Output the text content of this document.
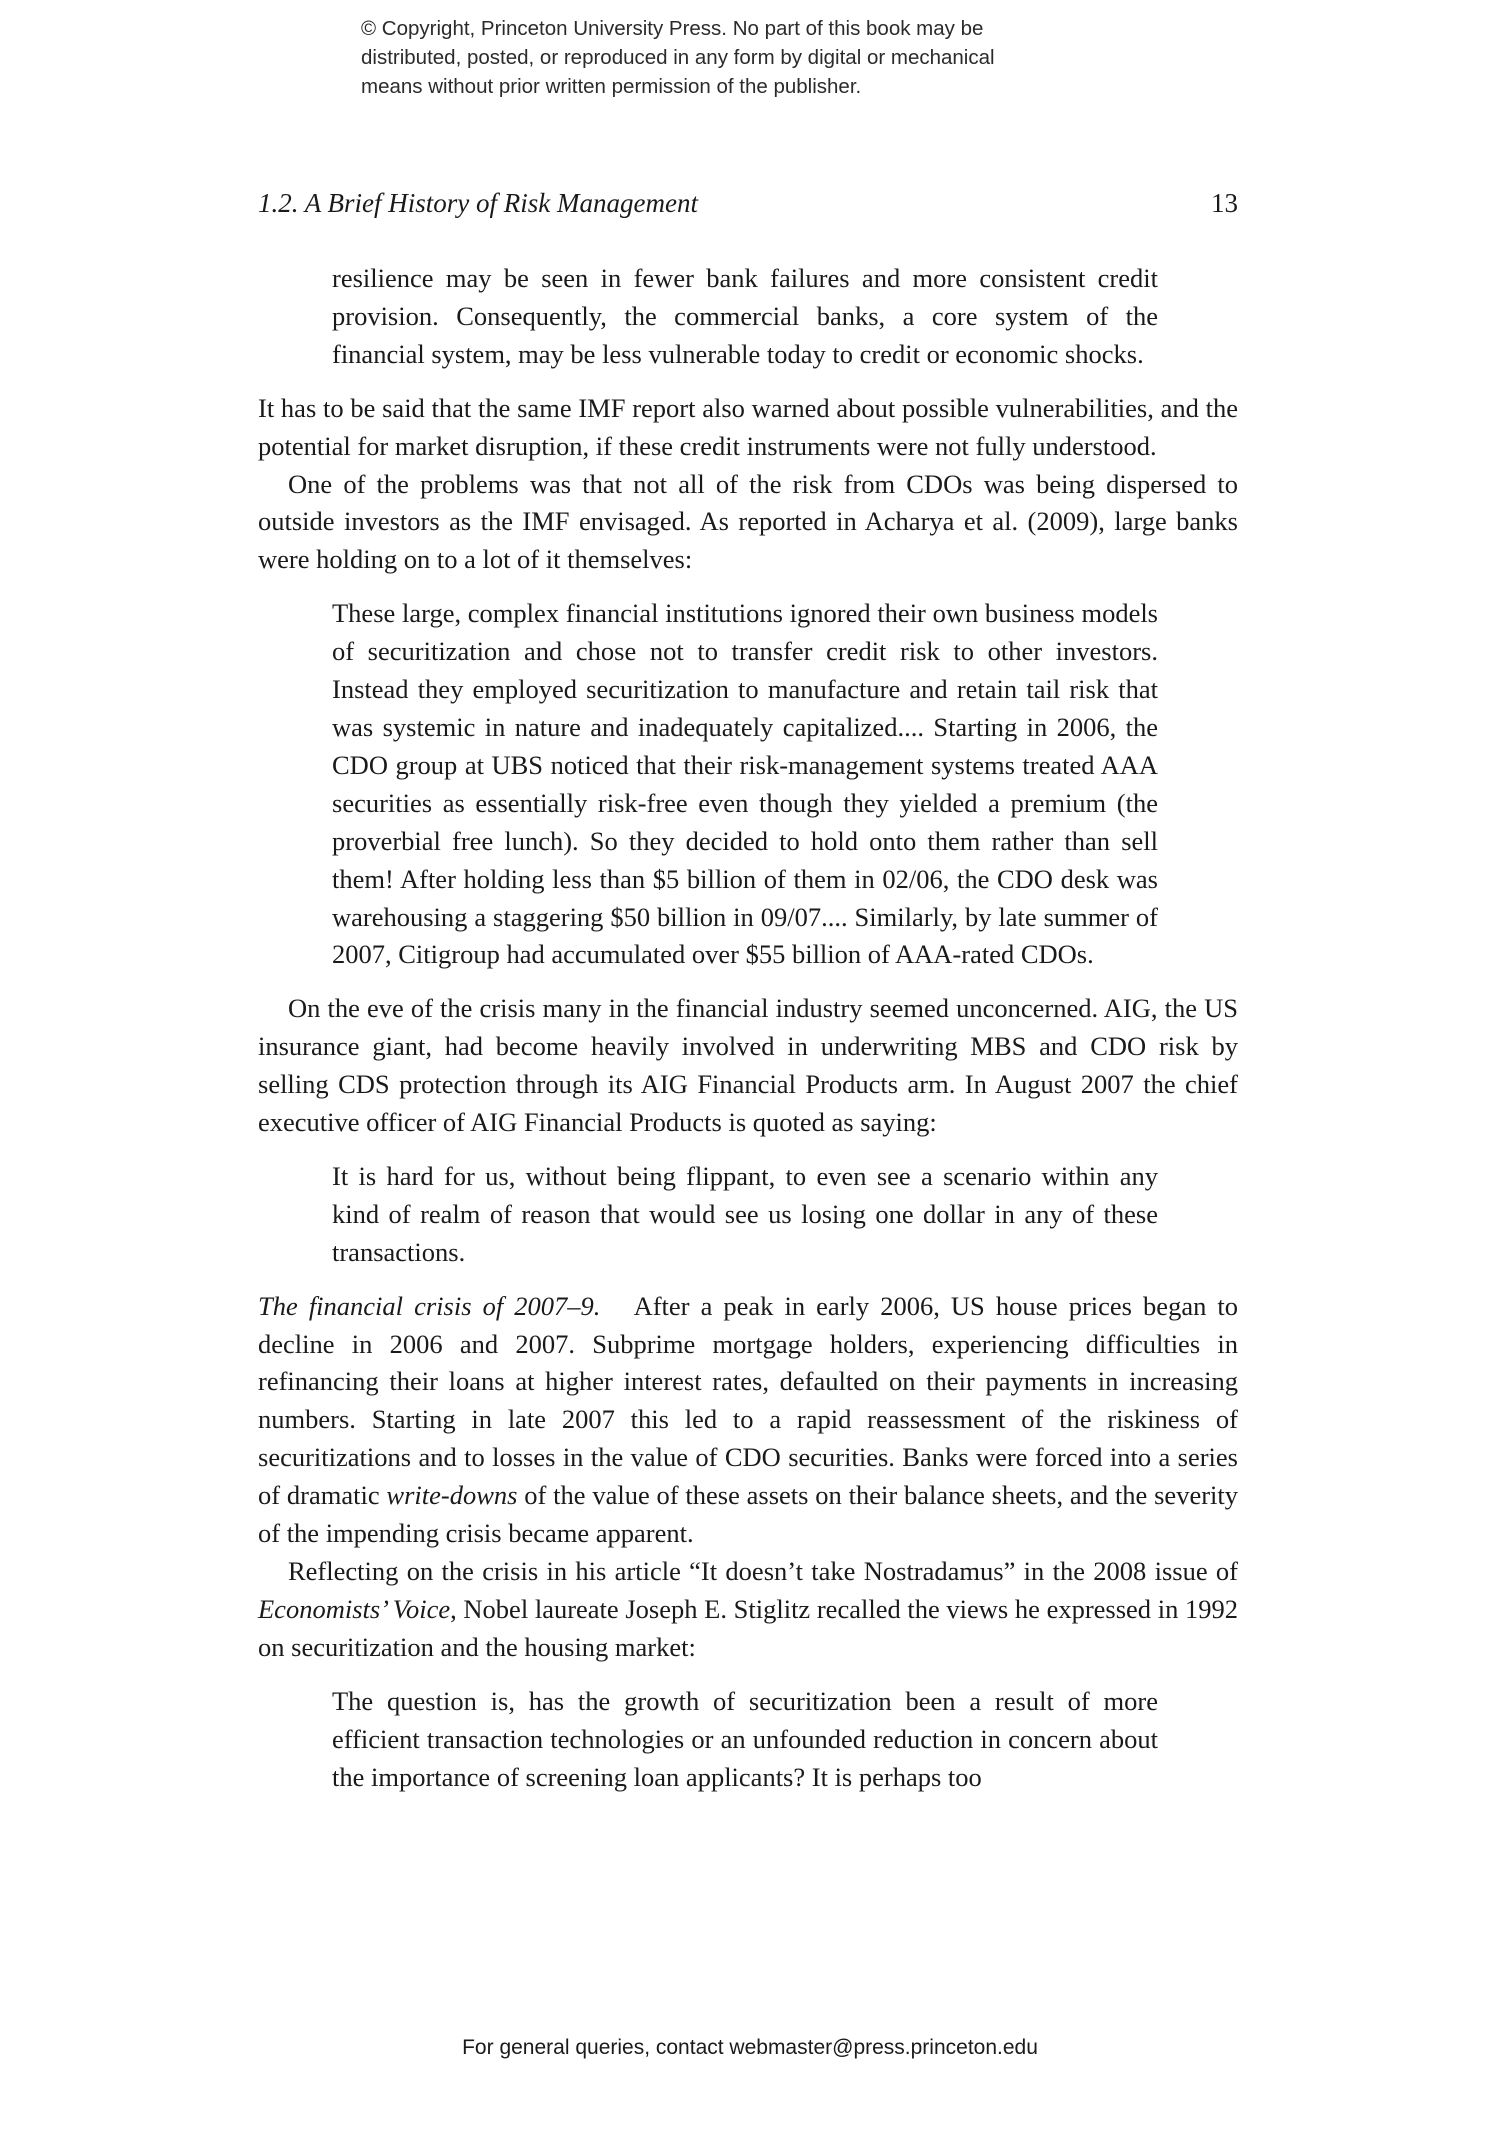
© Copyright, Princeton University Press. No part of this book may be

distributed, posted, or reproduced in any form by digital or mechanical

means without prior written permission of the publisher.

1.2. A Brief History of Risk Management	13

resilience may be seen in fewer bank failures and more consistent credit provision. Consequently, the commercial banks, a core system of the financial system, may be less vulnerable today to credit or economic shocks.

It has to be said that the same IMF report also warned about possible vulnerabilities, and the potential for market disruption, if these credit instruments were not fully understood.

One of the problems was that not all of the risk from CDOs was being dispersed to outside investors as the IMF envisaged. As reported in Acharya et al. (2009), large banks were holding on to a lot of it themselves:

These large, complex financial institutions ignored their own business models of securitization and chose not to transfer credit risk to other investors. Instead they employed securitization to manufacture and retain tail risk that was systemic in nature and inadequately capitalized.... Starting in 2006, the CDO group at UBS noticed that their risk-management systems treated AAA securities as essentially risk-free even though they yielded a premium (the proverbial free lunch). So they decided to hold onto them rather than sell them! After holding less than $5 billion of them in 02/06, the CDO desk was warehousing a staggering $50 billion in 09/07.... Similarly, by late summer of 2007, Citigroup had accumulated over $55 billion of AAA-rated CDOs.

On the eve of the crisis many in the financial industry seemed unconcerned. AIG, the US insurance giant, had become heavily involved in underwriting MBS and CDO risk by selling CDS protection through its AIG Financial Products arm. In August 2007 the chief executive officer of AIG Financial Products is quoted as saying:

It is hard for us, without being flippant, to even see a scenario within any kind of realm of reason that would see us losing one dollar in any of these transactions.

The financial crisis of 2007–9. After a peak in early 2006, US house prices began to decline in 2006 and 2007. Subprime mortgage holders, experiencing difficulties in refinancing their loans at higher interest rates, defaulted on their payments in increasing numbers. Starting in late 2007 this led to a rapid reassessment of the riskiness of securitizations and to losses in the value of CDO securities. Banks were forced into a series of dramatic write-downs of the value of these assets on their balance sheets, and the severity of the impending crisis became apparent.

Reflecting on the crisis in his article “It doesn’t take Nostradamus” in the 2008 issue of Economists’ Voice, Nobel laureate Joseph E. Stiglitz recalled the views he expressed in 1992 on securitization and the housing market:

The question is, has the growth of securitization been a result of more efficient transaction technologies or an unfounded reduction in concern about the importance of screening loan applicants? It is perhaps too

For general queries, contact webmaster@press.princeton.edu
